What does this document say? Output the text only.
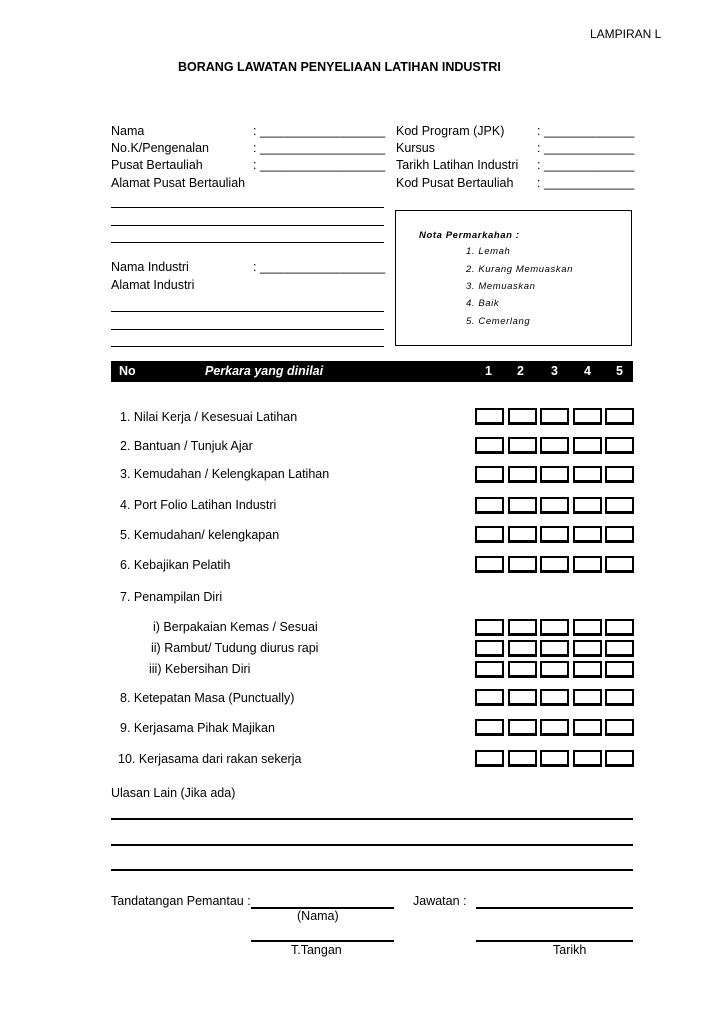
LAMPIRAN L
BORANG LAWATAN PENYELIAAN LATIHAN INDUSTRI
Nama	: __________________
No.K/Pengenalan	: __________________
Pusat Bertauliah	: __________________
Alamat Pusat Bertauliah
Nama Industri	: __________________
Alamat Industri
Kod Program (JPK)	: _____________
Kursus	: _____________
Tarikh Latihan Industri : _____________
Kod Pusat Bertauliah : _____________
Nota Permarkahan :
1. Lemah
2. Kurang Memuaskan
3. Memuaskan
4. Baik
5. Cemerlang
No	Perkara yang dinilai	1 2 3 4 5
1. Nilai Kerja / Kesesuai Latihan
2. Bantuan / Tunjuk Ajar
3. Kemudahan / Kelengkapan Latihan
4. Port Folio Latihan Industri
5. Kemudahan/ kelengkapan
6. Kebajikan Pelatih
7. Penampilan Diri
i) Berpakaian Kemas / Sesuai
ii) Rambut/ Tudung diurus rapi
iii) Kebersihan Diri
8. Ketepatan Masa (Punctually)
9. Kerjasama Pihak Majikan
10. Kerjasama dari rakan sekerja
Ulasan Lain (Jika ada)
Tandatangan Pemantau :
(Nama)
Jawatan :
T.Tangan	Tarikh
